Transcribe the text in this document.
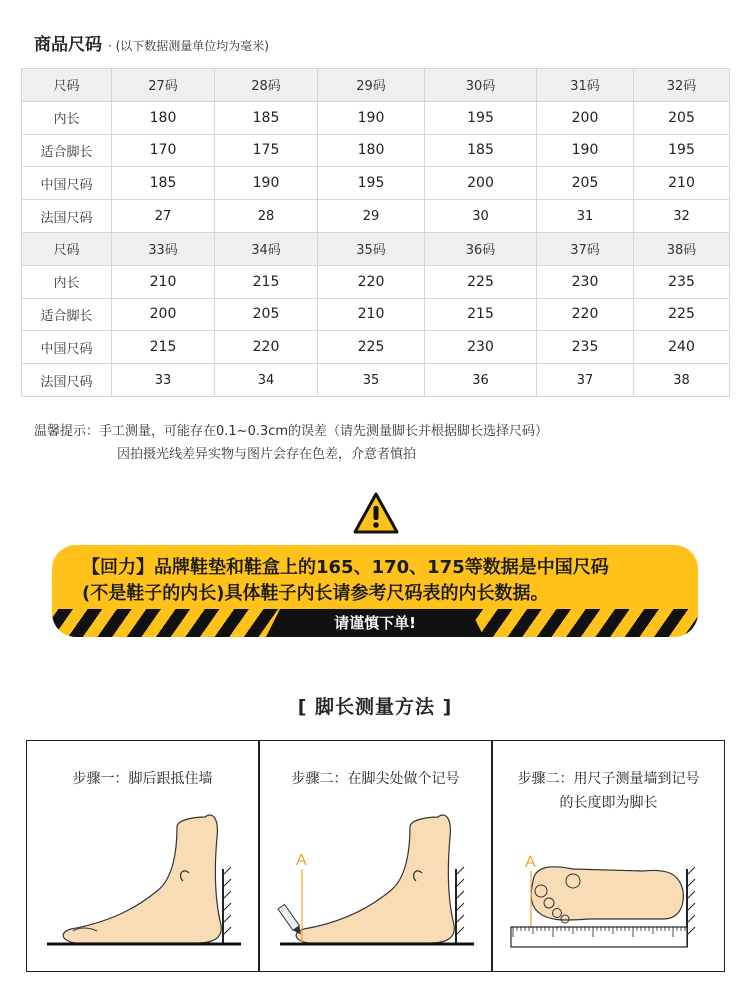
商品尺码 · (以下数据测量单位均为毫米)
尺码	27码	28码	29码	30码	31码	32码
内长	180	185	190	195	200	205
适合脚长	170	175	180	185	190	195
中国尺码	185	190	195	200	205	210
法国尺码	27	28	29	30	31	32
尺码	33码	34码	35码	36码	37码	38码
内长	210	215	220	225	230	235
适合脚长	200	205	210	215	220	225
中国尺码	215	220	225	230	235	240
法国尺码	33	34	35	36	37	38
温馨提示：手工测量，可能存在0.1~0.3cm的误差（请先测量脚长并根据脚长选择尺码）
因拍摄光线差异实物与图片会存在色差，介意者慎拍
【回力】品牌鞋垫和鞋盒上的165、170、175等数据是中国尺码
(不是鞋子的内长)具体鞋子内长请参考尺码表的内长数据。
请谨慎下单!
[ 脚长测量方法 ]
步骤一：脚后跟抵住墙	步骤二：在脚尖处做个记号
A
步骤二：用尺子测量墙到记号
的长度即为脚长
A
